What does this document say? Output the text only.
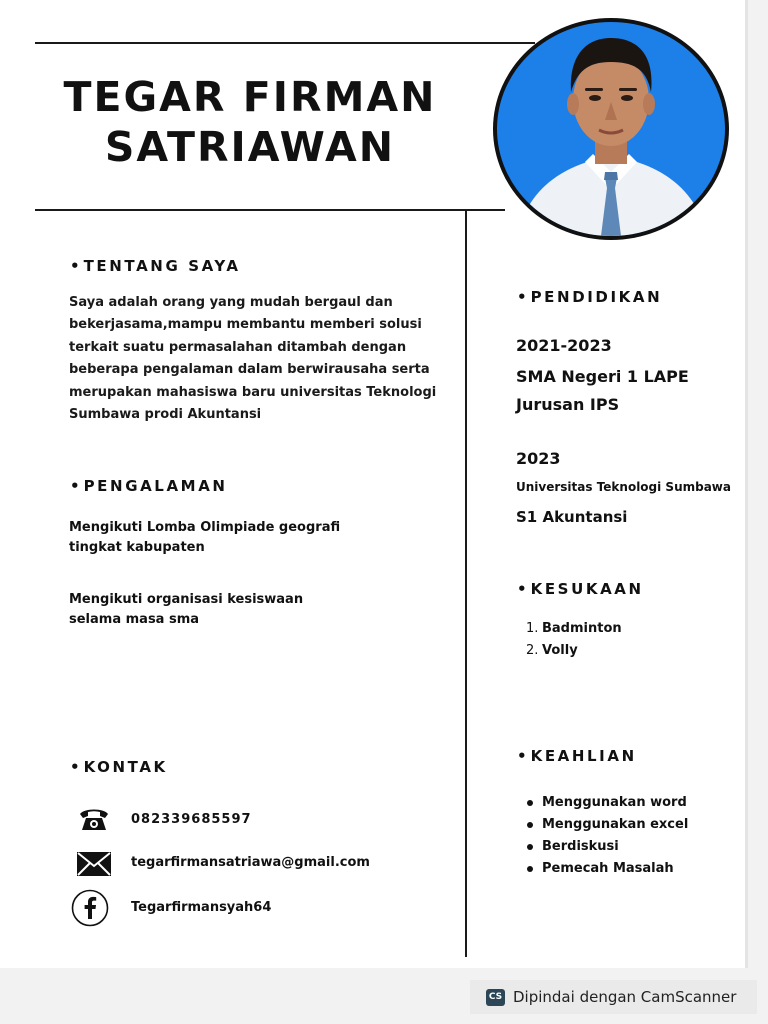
TEGAR FIRMAN
SATRIAWAN
• TENTANG SAYA
Saya adalah orang yang mudah bergaul dan
bekerjasama,mampu membantu memberi solusi
terkait suatu permasalahan ditambah dengan
beberapa pengalaman dalam berwirausaha serta
merupakan mahasiswa baru universitas Teknologi
Sumbawa prodi Akuntansi
• PENGALAMAN
Mengikuti Lomba Olimpiade geografi
tingkat kabupaten
Mengikuti organisasi kesiswaan
selama masa sma
• KONTAK
082339685597
tegarfirmansatriawa@gmail.com
Tegarfirmansyah64
• PENDIDIKAN
2021-2023
SMA Negeri 1 LAPE
Jurusan IPS
2023
Universitas Teknologi Sumbawa
S1 Akuntansi
• KESUKAAN
1. Badminton
2. Volly
• KEAHLIAN
Menggunakan word
Menggunakan excel
Berdiskusi
Pemecah Masalah
CS Dipindai dengan CamScanner
